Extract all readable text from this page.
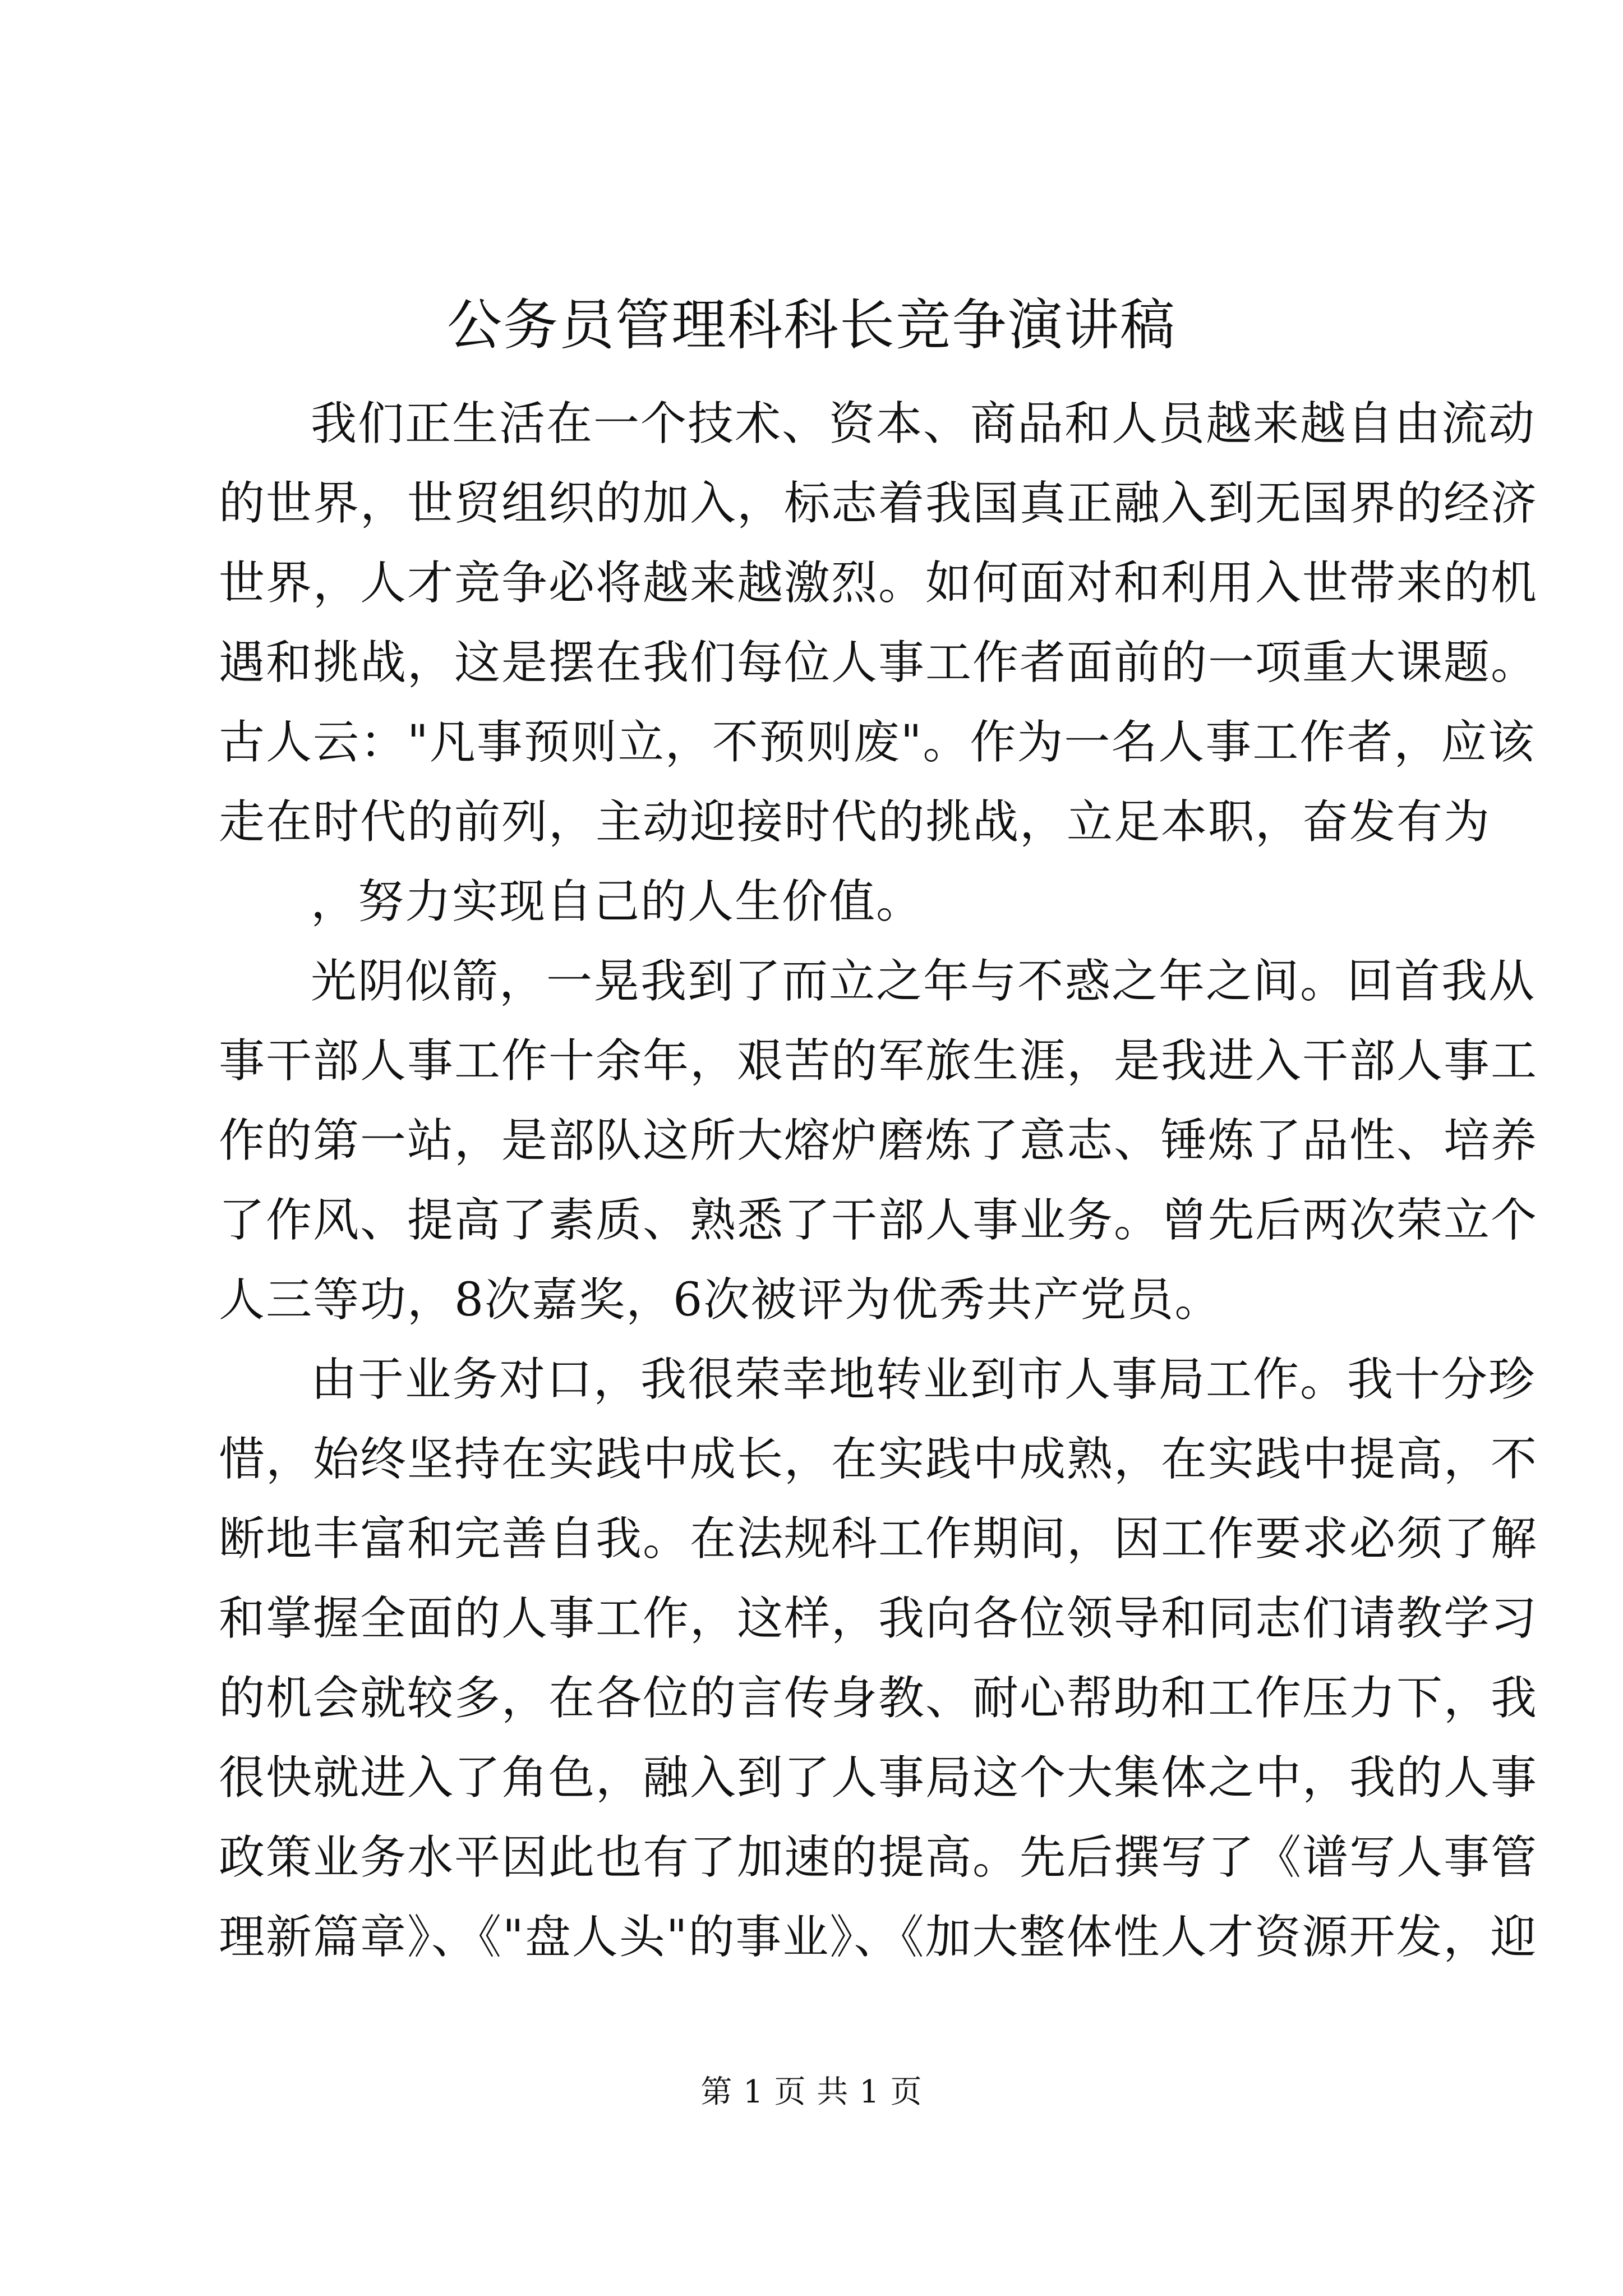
公务员管理科科长竞争演讲稿
我们正生活在一个技术、资本、商品和人员越来越自由流动
的世界，世贸组织的加入，标志着我国真正融入到无国界的经济
世界，人才竞争必将越来越激烈。如何面对和利用入世带来的机
遇和挑战，这是摆在我们每位人事工作者面前的一项重大课题。
古人云："凡事预则立，不预则废"。作为一名人事工作者，应该
走在时代的前列，主动迎接时代的挑战，立足本职，奋发有为
，努力实现自己的人生价值。
光阴似箭，一晃我到了而立之年与不惑之年之间。回首我从
事干部人事工作十余年，艰苦的军旅生涯，是我进入干部人事工
作的第一站，是部队这所大熔炉磨炼了意志、锤炼了品性、培养
了作风、提高了素质、熟悉了干部人事业务。曾先后两次荣立个
人三等功，8次嘉奖，6次被评为优秀共产党员。
由于业务对口，我很荣幸地转业到市人事局工作。我十分珍
惜，始终坚持在实践中成长，在实践中成熟，在实践中提高，不
断地丰富和完善自我。在法规科工作期间，因工作要求必须了解
和掌握全面的人事工作，这样，我向各位领导和同志们请教学习
的机会就较多，在各位的言传身教、耐心帮助和工作压力下，我
很快就进入了角色，融入到了人事局这个大集体之中，我的人事
政策业务水平因此也有了加速的提高。先后撰写了《谱写人事管
理新篇章》、《"盘人头"的事业》、《加大整体性人才资源开发，迎
第 1 页 共 1 页
